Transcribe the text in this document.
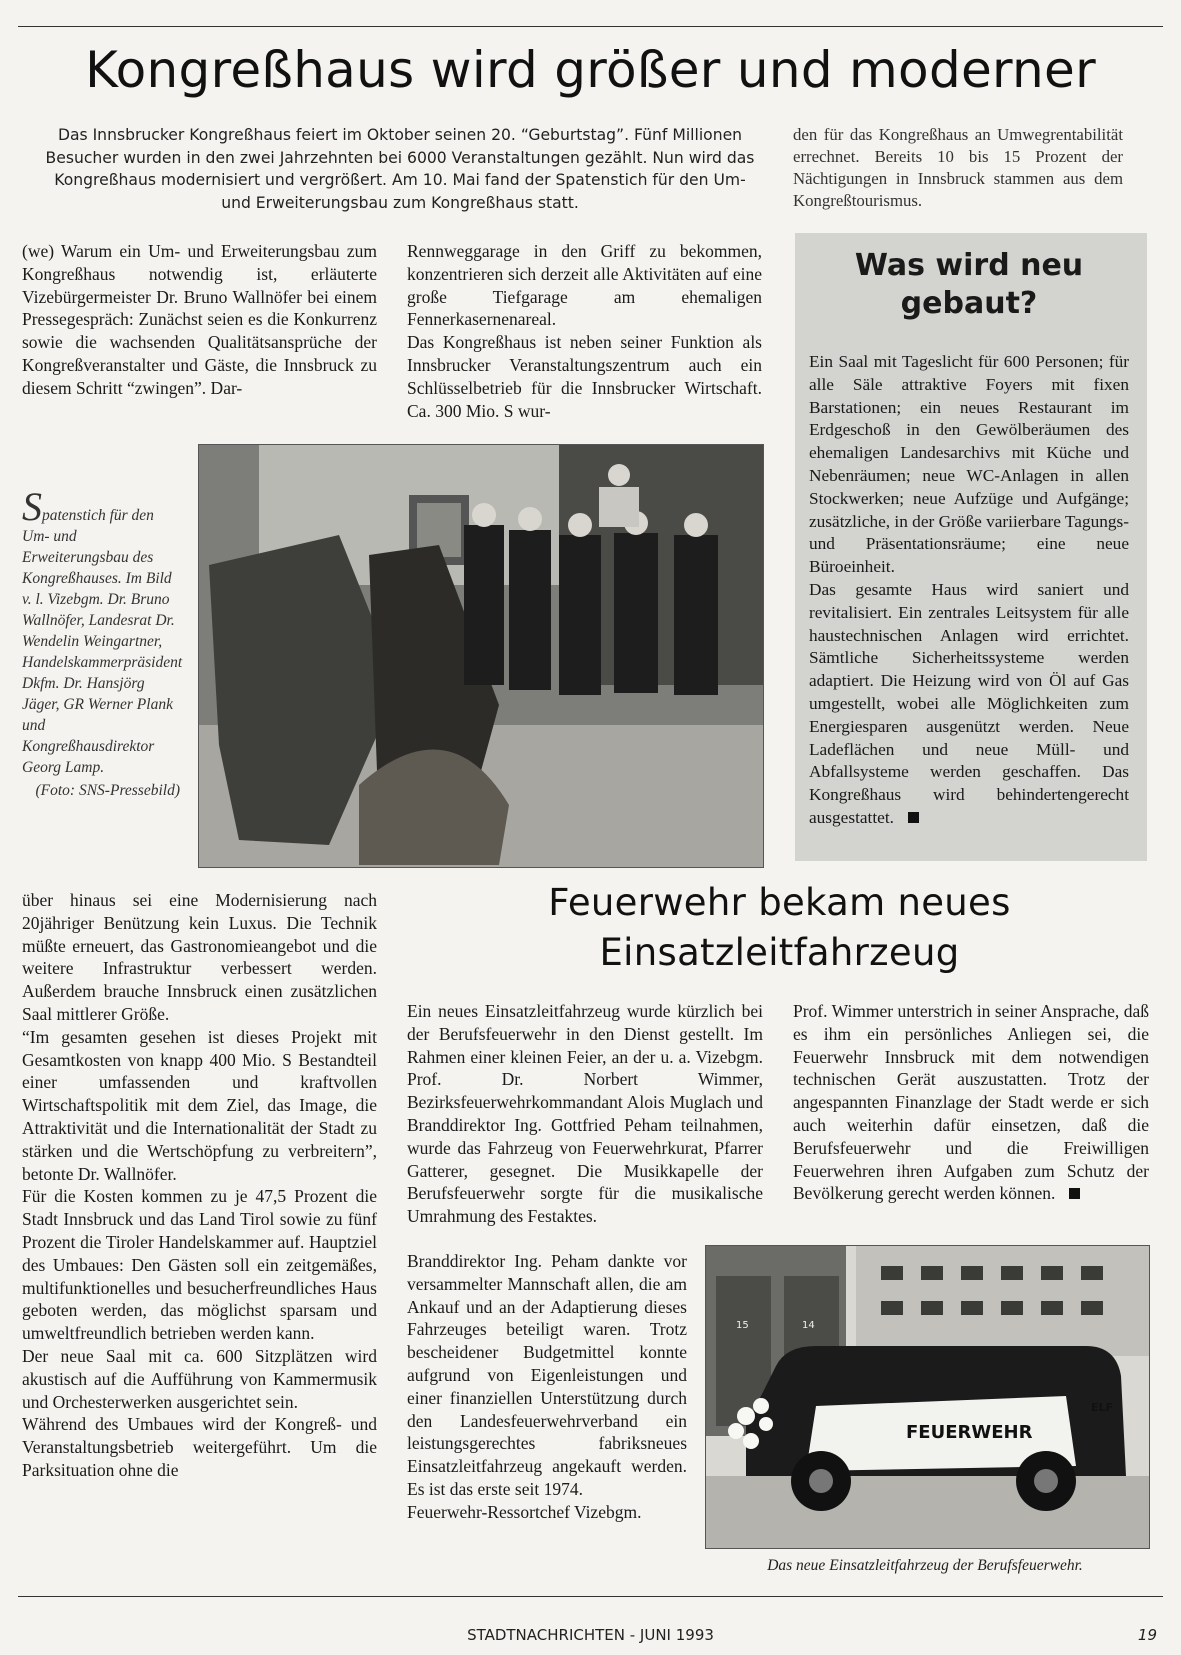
Kongreßhaus wird größer und moderner
Das Innsbrucker Kongreßhaus feiert im Oktober seinen 20. “Geburtstag”. Fünf Millionen Besucher wurden in den zwei Jahrzehnten bei 6000 Veranstaltungen gezählt. Nun wird das Kongreßhaus modernisiert und vergrößert. Am 10. Mai fand der Spatenstich für den Um- und Erweiterungsbau zum Kongreßhaus statt.

den für das Kongreßhaus an Umwegrentabilität errechnet. Bereits 10 bis 15 Prozent der Nächtigungen in Innsbruck stammen aus dem Kongreßtourismus.

(we) Warum ein Um- und Erweiterungsbau zum Kongreßhaus notwendig ist, erläuterte Vizebürgermeister Dr. Bruno Wallnöfer bei einem Pressegespräch: Zunächst seien es die Konkurrenz sowie die wachsenden Qualitätsansprüche der Kongreßveranstalter und Gäste, die Innsbruck zu diesem Schritt “zwingen”. Dar-

Rennweggarage in den Griff zu bekommen, konzentrieren sich derzeit alle Aktivitäten auf eine große Tiefgarage am ehemaligen Fennerkasernenareal.

Das Kongreßhaus ist neben seiner Funktion als Innsbrucker Veranstaltungszentrum auch ein Schlüsselbetrieb für die Innsbrucker Wirtschaft. Ca. 300 Mio. S wur-

Spatenstich für den Um- und Erweiterungsbau des Kongreßhauses. Im Bild v. l. Vizebgm. Dr. Bruno Wallnöfer, Landesrat Dr. Wendelin Weingartner, Handelskammerpräsident Dkfm. Dr. Hansjörg Jäger, GR Werner Plank und Kongreßhausdirektor Georg Lamp.
(Foto: SNS-Pressebild)
Was wird neu gebaut?

Ein Saal mit Tageslicht für 600 Personen; für alle Säle attraktive Foyers mit fixen Barstationen; ein neues Restaurant im Erdgeschoß in den Gewölberäumen des ehemaligen Landesarchivs mit Küche und Nebenräumen; neue WC-Anlagen in allen Stockwerken; neue Aufzüge und Aufgänge; zusätzliche, in der Größe variierbare Tagungs- und Präsentationsräume; eine neue Büroeinheit.

Das gesamte Haus wird saniert und revitalisiert. Ein zentrales Leitsystem für alle haustechnischen Anlagen wird errichtet. Sämtliche Sicherheitssysteme werden adaptiert. Die Heizung wird von Öl auf Gas umgestellt, wobei alle Möglichkeiten zum Energiesparen ausgenützt werden. Neue Ladeflächen und neue Müll- und Abfallsysteme werden geschaffen. Das Kongreßhaus wird behindertengerecht ausgestattet.

über hinaus sei eine Modernisierung nach 20jähriger Benützung kein Luxus. Die Technik müßte erneuert, das Gastronomieangebot und die weitere Infrastruktur verbessert werden. Außerdem brauche Innsbruck einen zusätzlichen Saal mittlerer Größe.

“Im gesamten gesehen ist dieses Projekt mit Gesamtkosten von knapp 400 Mio. S Bestandteil einer umfassenden und kraftvollen Wirtschaftspolitik mit dem Ziel, das Image, die Attraktivität und die Internationalität der Stadt zu stärken und die Wertschöpfung zu verbreitern”, betonte Dr. Wallnöfer.

Für die Kosten kommen zu je 47,5 Prozent die Stadt Innsbruck und das Land Tirol sowie zu fünf Prozent die Tiroler Handelskammer auf. Hauptziel des Umbaues: Den Gästen soll ein zeitgemäßes, multifunktionelles und besucherfreundliches Haus geboten werden, das möglichst sparsam und umweltfreundlich betrieben werden kann.

Der neue Saal mit ca. 600 Sitzplätzen wird akustisch auf die Aufführung von Kammermusik und Orchesterwerken ausgerichtet sein.

Während des Umbaues wird der Kongreß- und Veranstaltungsbetrieb weitergeführt. Um die Parksituation ohne die

Feuerwehr bekam neues
Einsatzleitfahrzeug

Ein neues Einsatzleitfahrzeug wurde kürzlich bei der Berufsfeuerwehr in den Dienst gestellt. Im Rahmen einer kleinen Feier, an der u. a. Vizebgm. Prof. Dr. Norbert Wimmer, Bezirksfeuerwehrkommandant Alois Muglach und Branddirektor Ing. Gottfried Peham teilnahmen, wurde das Fahrzeug von Feuerwehrkurat, Pfarrer Gatterer, gesegnet. Die Musikkapelle der Berufsfeuerwehr sorgte für die musikalische Umrahmung des Festaktes.

Branddirektor Ing. Peham dankte vor versammelter Mannschaft allen, die am Ankauf und an der Adaptierung dieses Fahrzeuges beteiligt waren. Trotz bescheidener Budgetmittel konnte aufgrund von Eigenleistungen und einer finanziellen Unterstützung durch den Landesfeuerwehrverband ein leistungsgerechtes fabriksneues Einsatzleitfahrzeug angekauft werden. Es ist das erste seit 1974.

Feuerwehr-Ressortchef Vizebgm.

Prof. Wimmer unterstrich in seiner Ansprache, daß es ihm ein persönliches Anliegen sei, die Feuerwehr Innsbruck mit dem notwendigen technischen Gerät auszustatten. Trotz der angespannten Finanzlage der Stadt werde er sich auch weiterhin dafür einsetzen, daß die Berufsfeuerwehr und die Freiwilligen Feuerwehren ihren Aufgaben zum Schutz der Bevölkerung gerecht werden können.

15	14
FEUERWEHR
ELF
Das neue Einsatzleitfahrzeug der Berufsfeuerwehr.
STADTNACHRICHTEN - JUNI 1993	19
